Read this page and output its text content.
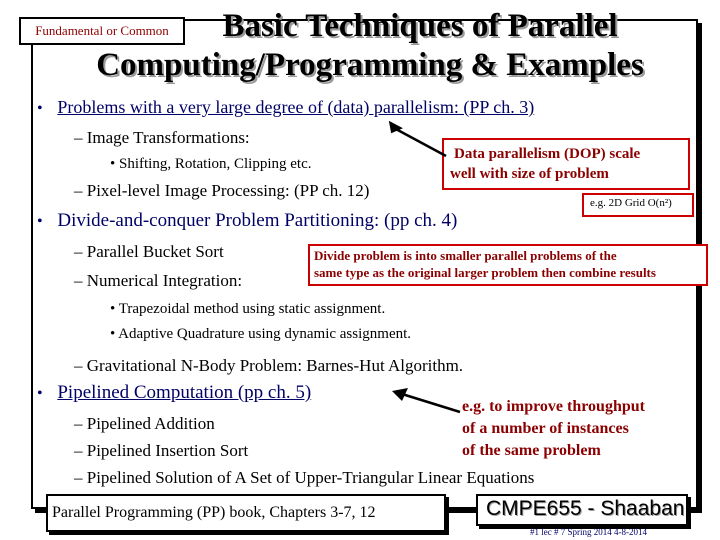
Fundamental or Common	Basic Techniques of Parallel
Computing/Programming & Examples
• Problems with a very large degree of (data) parallelism: (PP ch. 3)
– Image Transformations:
• Shifting, Rotation, Clipping etc.
– Pixel-level Image Processing: (PP ch. 12)
Data parallelism (DOP) scale
well with size of problem
e.g. 2D Grid O(n²)
• Divide-and-conquer Problem Partitioning: (pp ch. 4)
– Parallel Bucket Sort
– Numerical Integration:
Divide problem is into smaller parallel problems of the
same type as the original larger problem then combine results
• Trapezoidal method using static assignment.
• Adaptive Quadrature using dynamic assignment.
– Gravitational N-Body Problem: Barnes-Hut Algorithm.
• Pipelined Computation (pp ch. 5)
– Pipelined Addition
– Pipelined Insertion Sort
– Pipelined Solution of A Set of Upper-Triangular Linear Equations
e.g. to improve throughput
of a number of instances
of the same problem
Parallel Programming (PP) book, Chapters 3-7, 12	CMPE655 - Shaaban
#1 lec # 7 Spring 2014 4-8-2014
